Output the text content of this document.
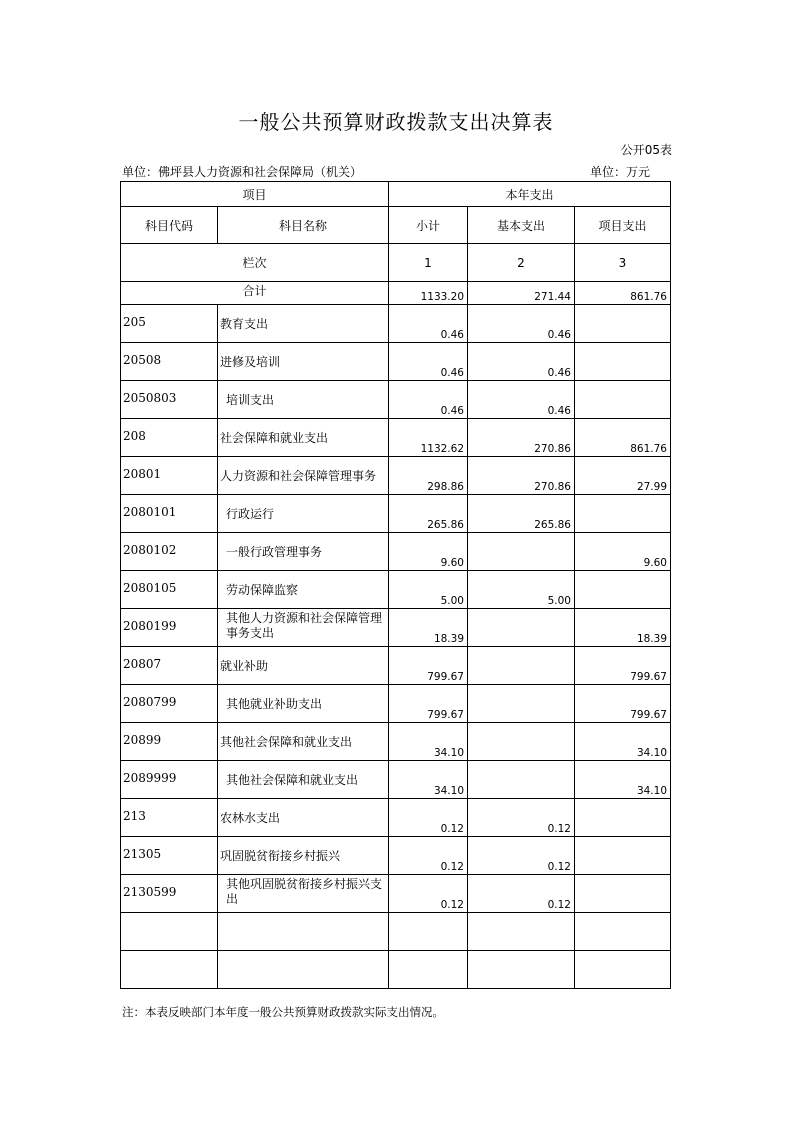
一般公共预算财政拨款支出决算表
公开05表
单位：佛坪县人力资源和社会保障局（机关）	单位：万元
项目		本年支出		
科目代码	科目名称	小计	基本支出	项目支出
栏次		1	2	3
合计		1133.20	271.44	861.76
205	教育支出	0.46	0.46	
20508	进修及培训	0.46	0.46	
2050803	培训支出	0.46	0.46	
208	社会保障和就业支出	1132.62	270.86	861.76
20801	人力资源和社会保障管理事务	298.86	270.86	27.99
2080101	行政运行	265.86	265.86	
2080102	一般行政管理事务	9.60		9.60
2080105	劳动保障监察	5.00	5.00	
2080199	其他人力资源和社会保障管理事务支出	18.39		18.39
20807	就业补助	799.67		799.67
2080799	其他就业补助支出	799.67		799.67
20899	其他社会保障和就业支出	34.10		34.10
2089999	其他社会保障和就业支出	34.10		34.10
213	农林水支出	0.12	0.12	
21305	巩固脱贫衔接乡村振兴	0.12	0.12	
2130599	其他巩固脱贫衔接乡村振兴支出	0.12	0.12	

注：本表反映部门本年度一般公共预算财政拨款实际支出情况。
